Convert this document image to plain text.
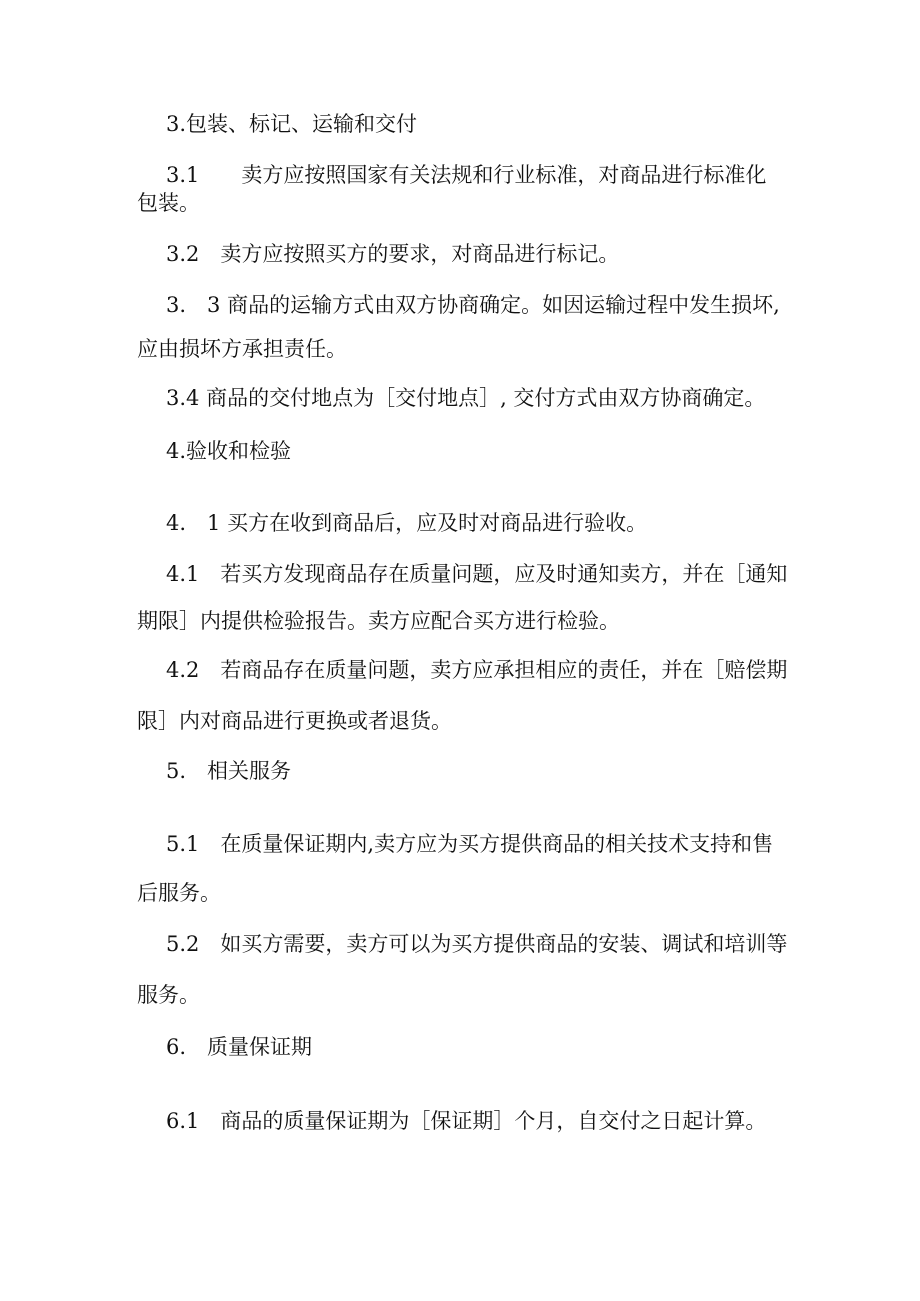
3.包装、标记、运输和交付
3.1　　卖方应按照国家有关法规和行业标准，对商品进行标准化
包装。
3.2　卖方应按照买方的要求，对商品进行标记。
3.　3 商品的运输方式由双方协商确定。如因运输过程中发生损坏,
应由损坏方承担责任。
3.4 商品的交付地点为［交付地点］, 交付方式由双方协商确定。
4.验收和检验
4.　1 买方在收到商品后，应及时对商品进行验收。
4.1　若买方发现商品存在质量问题，应及时通知卖方，并在［通知
期限］内提供检验报告。卖方应配合买方进行检验。
4.2　若商品存在质量问题，卖方应承担相应的责任，并在［赔偿期
限］内对商品进行更换或者退货。
5.　相关服务
5.1　在质量保证期内,卖方应为买方提供商品的相关技术支持和售
后服务。
5.2　如买方需要，卖方可以为买方提供商品的安装、调试和培训等
服务。
6.　质量保证期
6.1　商品的质量保证期为［保证期］个月，自交付之日起计算。
